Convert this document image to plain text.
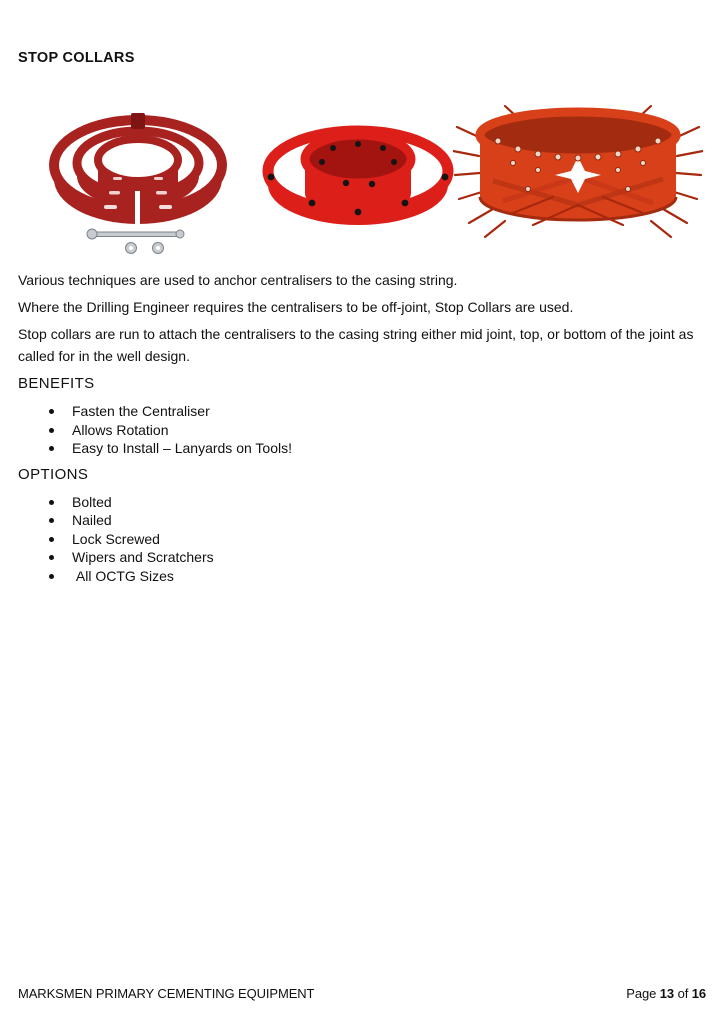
STOP COLLARS

Various techniques are used to anchor centralisers to the casing string.

Where the Drilling Engineer requires the centralisers to be off-joint, Stop Collars are used.

Stop collars are run to attach the centralisers to the casing string either mid joint, top, or bottom of the joint as called for in the well design.

BENEFITS
Fasten the Centraliser
Allows Rotation
Easy to Install – Lanyards on Tools!
OPTIONS
Bolted
Nailed
Lock Screwed
Wipers and Scratchers
All OCTG Sizes
MARKSMEN PRIMARY CEMENTING EQUIPMENT	Page 13 of 16
